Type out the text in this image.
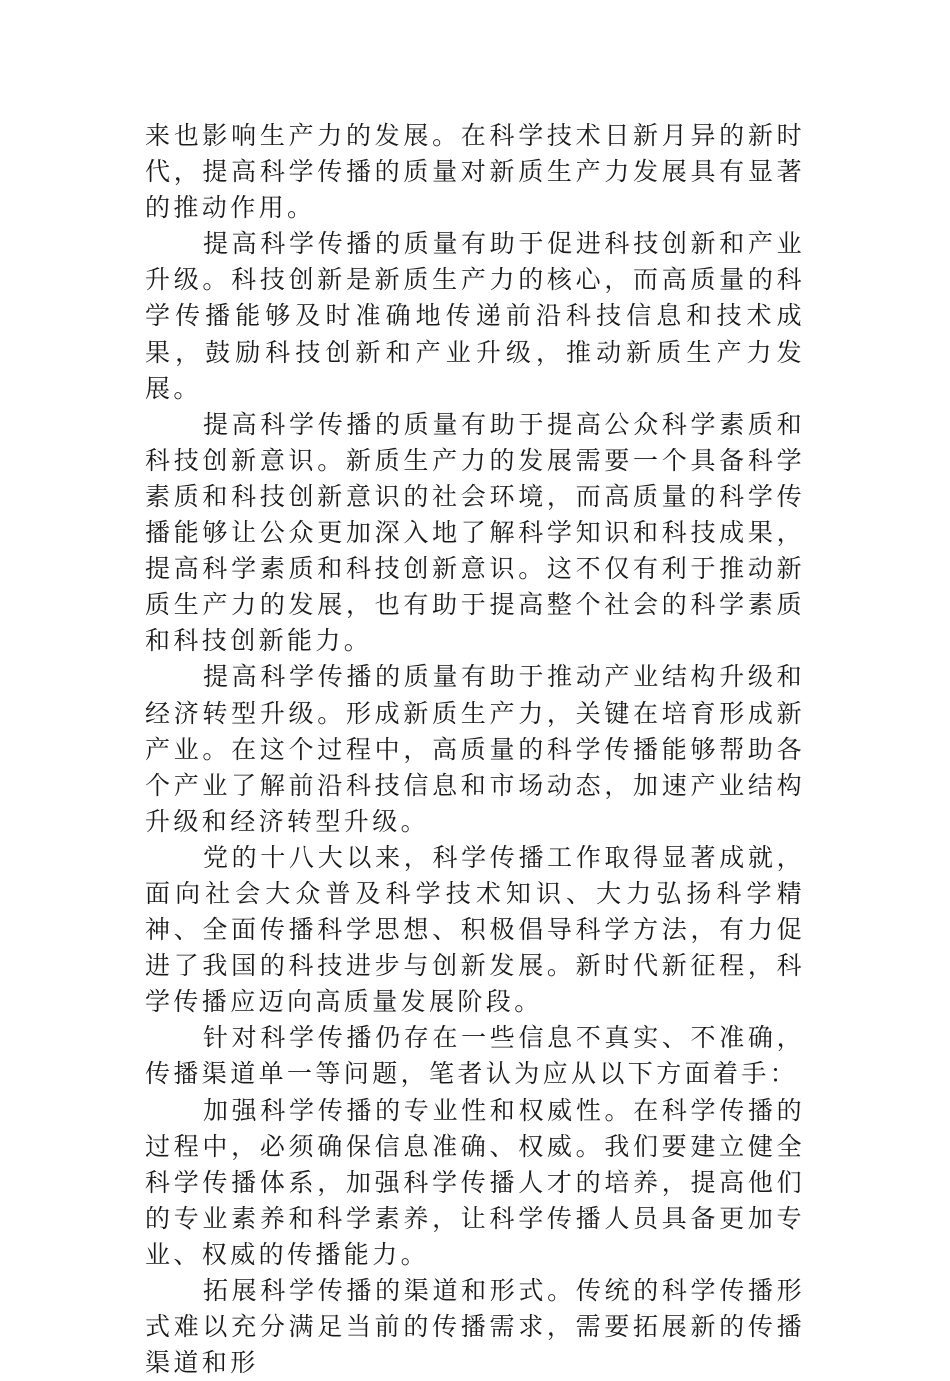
来也影响生产力的发展。在科学技术日新月异的新时代，提高科学传播的质量对新质生产力发展具有显著的推动作用。

提高科学传播的质量有助于促进科技创新和产业升级。科技创新是新质生产力的核心，而高质量的科学传播能够及时准确地传递前沿科技信息和技术成果，鼓励科技创新和产业升级，推动新质生产力发展。

提高科学传播的质量有助于提高公众科学素质和科技创新意识。新质生产力的发展需要一个具备科学素质和科技创新意识的社会环境，而高质量的科学传播能够让公众更加深入地了解科学知识和科技成果，提高科学素质和科技创新意识。这不仅有利于推动新质生产力的发展，也有助于提高整个社会的科学素质和科技创新能力。

提高科学传播的质量有助于推动产业结构升级和经济转型升级。形成新质生产力，关键在培育形成新产业。在这个过程中，高质量的科学传播能够帮助各个产业了解前沿科技信息和市场动态，加速产业结构升级和经济转型升级。

党的十八大以来，科学传播工作取得显著成就，面向社会大众普及科学技术知识、大力弘扬科学精神、全面传播科学思想、积极倡导科学方法，有力促进了我国的科技进步与创新发展。新时代新征程，科学传播应迈向高质量发展阶段。

针对科学传播仍存在一些信息不真实、不准确，传播渠道单一等问题，笔者认为应从以下方面着手：

加强科学传播的专业性和权威性。在科学传播的过程中，必须确保信息准确、权威。我们要建立健全科学传播体系，加强科学传播人才的培养，提高他们的专业素养和科学素养，让科学传播人员具备更加专业、权威的传播能力。

拓展科学传播的渠道和形式。传统的科学传播形式难以充分满足当前的传播需求，需要拓展新的传播渠道和形
